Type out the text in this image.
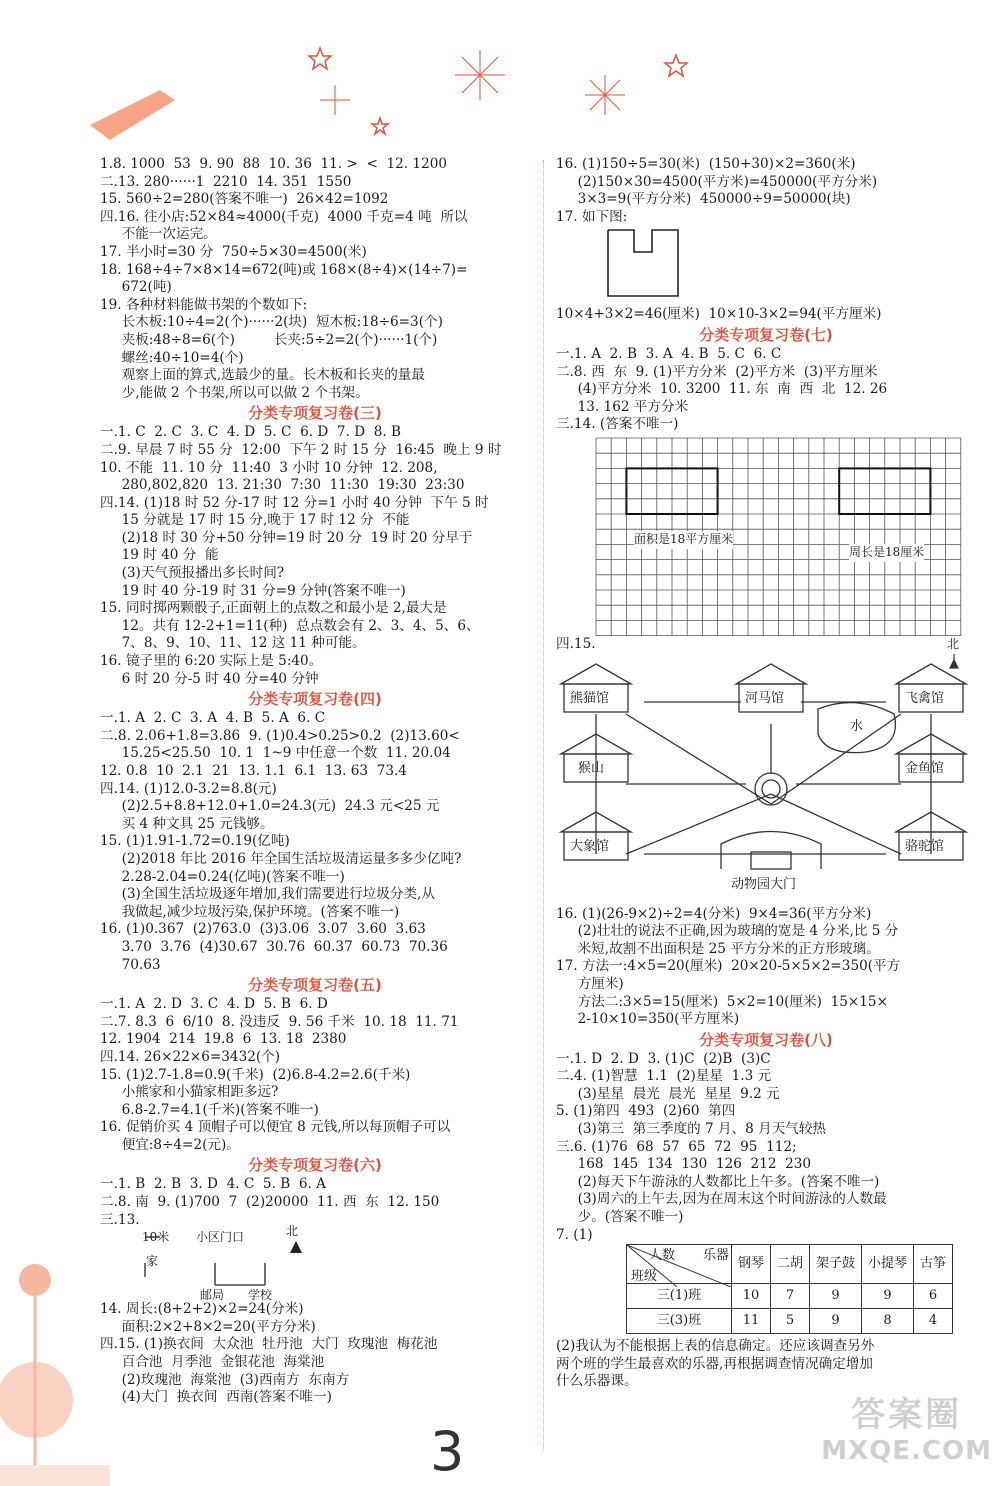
1.8. 1000  53  9. 90  88  10. 36  11. >  <  12. 1200
二.13. 280······1  2210  14. 351  1550
15. 560÷2=280(答案不唯一)  26×42=1092
四.16. 往小店:52×84≈4000(千克)  4000 千克=4 吨  所以
不能一次运完。
17. 半小时=30 分  750÷5×30=4500(米)
18. 168÷4÷7×8×14=672(吨)或 168×(8÷4)×(14÷7)=
672(吨)
19. 各种材料能做书架的个数如下:
长木板:10÷4=2(个)······2(块)  短木板:18÷6=3(个)
夹板:48÷8=6(个)         长夹:5÷2=2(个)······1(个)
螺丝:40÷10=4(个)
观察上面的算式,选最少的量。长木板和长夹的量最
少,能做 2 个书架,所以可以做 2 个书架。
分类专项复习卷(三)
一.1. C  2. C  3. C  4. D  5. C  6. D  7. D  8. B
二.9. 早晨 7 时 55 分  12:00  下午 2 时 15 分  16:45  晚上 9 时
10. 不能  11. 10 分  11:40  3 小时 10 分钟  12. 208,
280,802,820  13. 21:30  7:30  11:30  19:30  23:30
四.14. (1)18 时 52 分-17 时 12 分=1 小时 40 分钟  下午 5 时
15 分就是 17 时 15 分,晚于 17 时 12 分  不能
(2)18 时 30 分+50 分钟=19 时 20 分  19 时 20 分早于
19 时 40 分  能
(3)天气预报播出多长时间?
19 时 40 分-19 时 31 分=9 分钟(答案不唯一)
15. 同时掷两颗骰子,正面朝上的点数之和最小是 2,最大是
12。共有 12-2+1=11(种)  总点数会有 2、3、4、5、6、
7、8、9、10、11、12 这 11 种可能。
16. 镜子里的 6:20 实际上是 5:40。
6 时 20 分-5 时 40 分=40 分钟
分类专项复习卷(四)
一.1. A  2. C  3. A  4. B  5. A  6. C
二.8. 2.06+1.8=3.86  9. (1)0.4>0.25>0.2  (2)13.60<
15.25<25.50  10. 1  1~9 中任意一个数  11. 20.04
12. 0.8  10  2.1  21  13. 1.1  6.1  13. 63  73.4
四.14. (1)12.0-3.2=8.8(元)
(2)2.5+8.8+12.0+1.0=24.3(元)  24.3 元<25 元
买 4 种文具 25 元钱够。
15. (1)1.91-1.72=0.19(亿吨)
(2)2018 年比 2016 年全国生活垃圾清运量多多少亿吨?
2.28-2.04=0.24(亿吨)(答案不唯一)
(3)全国生活垃圾逐年增加,我们需要进行垃圾分类,从
我做起,减少垃圾污染,保护环境。(答案不唯一)
16. (1)0.367  (2)763.0  (3)3.06  3.07  3.60  3.63
3.70  3.76  (4)30.67  30.76  60.37  60.73  70.36
70.63
分类专项复习卷(五)
一.1. A  2. D  3. C  4. D  5. B  6. D
二.7. 8.3  6  6/10  8. 没违反  9. 56 千米  10. 18  11. 71
12. 1904  214  19.8  6  13. 18  2380
四.14. 26×22×6=3432(个)
15. (1)2.7-1.8=0.9(千米)  (2)6.8-4.2=2.6(千米)
小熊家和小猫家相距多远?
6.8-2.7=4.1(千米)(答案不唯一)
16. 促销价买 4 顶帽子可以便宜 8 元钱,所以每顶帽子可以
便宜:8÷4=2(元)。
分类专项复习卷(六)
一.1. B  2. B  3. D  4. C  5. B  6. A
二.8. 南  9. (1)700  7  (2)20000  11. 西  东  12. 150
三.13.
10米 小区门口	北
家
邮局 学校
14. 周长:(8+2+2)×2=24(分米)
面积:2×2+8×2=20(平方分米)
四.15. (1)换衣间  大众池  牡丹池  大门  玫瑰池  梅花池
百合池  月季池  金银花池  海棠池
(2)玫瑰池  海棠池  (3)西南方  东南方
(4)大门  换衣间  西南(答案不唯一)
16. (1)150÷5=30(米)  (150+30)×2=360(米)
(2)150×30=4500(平方米)=450000(平方分米)
3×3=9(平方分米)  450000÷9=50000(块)
17. 如下图:
10×4+3×2=46(厘米)  10×10-3×2=94(平方厘米)
分类专项复习卷(七)
一.1. A  2. B  3. A  4. B  5. C  6. C
二.8. 西  东  9. (1)平方分米  (2)平方米  (3)平方厘米
(4)平方分米  10. 3200  11. 东  南  西  北  12. 26
13. 162 平方分米
三.14. (答案不唯一)
面积是18平方厘米
周长是18厘米
四.15.	北
熊猫馆	河马馆	飞禽馆
猴山	金鱼馆
大象馆	骆驼馆
水
动物园大门
16. (1)(26-9×2)÷2=4(分米)  9×4=36(平方分米)
(2)壮壮的说法不正确,因为玻璃的宽是 4 分米,比 5 分
米短,故割不出面积是 25 平方分米的正方形玻璃。
17. 方法一:4×5=20(厘米)  20×20-5×5×2=350(平方
方厘米)
方法二:3×5=15(厘米)  5×2=10(厘米)  15×15×
2-10×10=350(平方厘米)
分类专项复习卷(八)
一.1. D  2. D  3. (1)C  (2)B  (3)C
二.4. (1)智慧  1.1  (2)星星  1.3 元
(3)星星  晨光  晨光  星星  9.2 元
5. (1)第四  493  (2)60  第四
(3)第三  第三季度的 7 月、8 月天气较热
三.6. (1)76  68  57  65  72  95  112;
168  145  134  130  126  212  230
(2)每天下午游泳的人数都比上午多。(答案不唯一)
(3)周六的上午去,因为在周末这个时间游泳的人数最
少。(答案不唯一)
7. (1)
人数 乐器
班级	钢琴	二胡	架子鼓	小提琴	古筝
三(1)班	10	7	9	9	6
三(3)班	11	5	9	8	4
(2)我认为不能根据上表的信息确定。还应该调查另外
两个班的学生最喜欢的乐器,再根据调查情况确定增加
什么乐器课。
3
答案圈
MXQE.COM
